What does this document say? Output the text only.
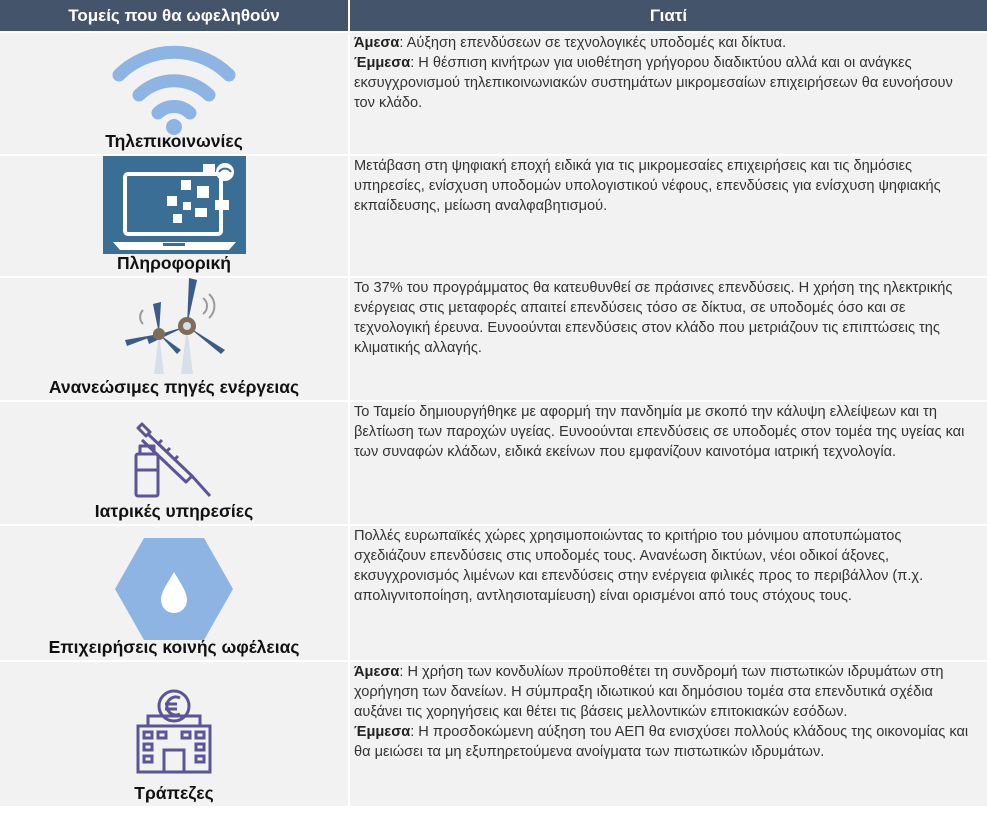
Τομείς που θα ωφεληθούν	Γιατί

Τηλεπικοινωνίες	Άμεσα: Αύξηση επενδύσεων σε τεχνολογικές υποδομές και δίκτυα.

Έμμεσα: Η θέσπιση κινήτρων για υιοθέτηση γρήγορου διαδικτύου αλλά και οι ανάγκες εκσυγχρονισμού τηλεπικοινωνιακών συστημάτων μικρομεσαίων επιχειρήσεων θα ευνοήσουν τον κλάδο.

Πληροφορική	Μετάβαση στη ψηφιακή εποχή ειδικά για τις μικρομεσαίες επιχειρήσεις και τις δημόσιες υπηρεσίες, ενίσχυση υποδομών υπολογιστικού νέφους, επενδύσεις για ενίσχυση ψηφιακής εκπαίδευσης, μείωση αναλφαβητισμού.

Ανανεώσιμες πηγές ενέργειας	Το 37% του προγράμματος θα κατευθυνθεί σε πράσινες επενδύσεις. Η χρήση της ηλεκτρικής ενέργειας στις μεταφορές απαιτεί επενδύσεις τόσο σε δίκτυα, σε υποδομές όσο και σε τεχνολογική έρευνα. Ευνοούνται επενδύσεις στον κλάδο που μετριάζουν τις επιπτώσεις της κλιματικής αλλαγής.

Ιατρικές υπηρεσίες	Το Ταμείο δημιουργήθηκε με αφορμή την πανδημία με σκοπό την κάλυψη ελλείψεων και τη βελτίωση των παροχών υγείας. Ευνοούνται επενδύσεις σε υποδομές στον τομέα της υγείας και των συναφών κλάδων, ειδικά εκείνων που εμφανίζουν καινοτόμα ιατρική τεχνολογία.

Επιχειρήσεις κοινής ωφέλειας	Πολλές ευρωπαϊκές χώρες χρησιμοποιώντας το κριτήριο του μόνιμου αποτυπώματος σχεδιάζουν επενδύσεις στις υποδομές τους. Ανανέωση δικτύων, νέοι οδικοί άξονες, εκσυγχρονισμός λιμένων και επενδύσεις στην ενέργεια φιλικές προς το περιβάλλον (π.χ. απολιγνιτοποίηση, αντλησιοταμίευση) είναι ορισμένοι από τους στόχους τους.

Τράπεζες	Άμεσα: Η χρήση των κονδυλίων προϋποθέτει τη συνδρομή των πιστωτικών ιδρυμάτων στη χορήγηση των δανείων. Η σύμπραξη ιδιωτικού και δημόσιου τομέα στα επενδυτικά σχέδια αυξάνει τις χορηγήσεις και θέτει τις βάσεις μελλοντικών επιτοκιακών εσόδων.

Έμμεσα: Η προσδοκώμενη αύξηση του ΑΕΠ θα ενισχύσει πολλούς κλάδους της οικονομίας και θα μειώσει τα μη εξυπηρετούμενα ανοίγματα των πιστωτικών ιδρυμάτων.
